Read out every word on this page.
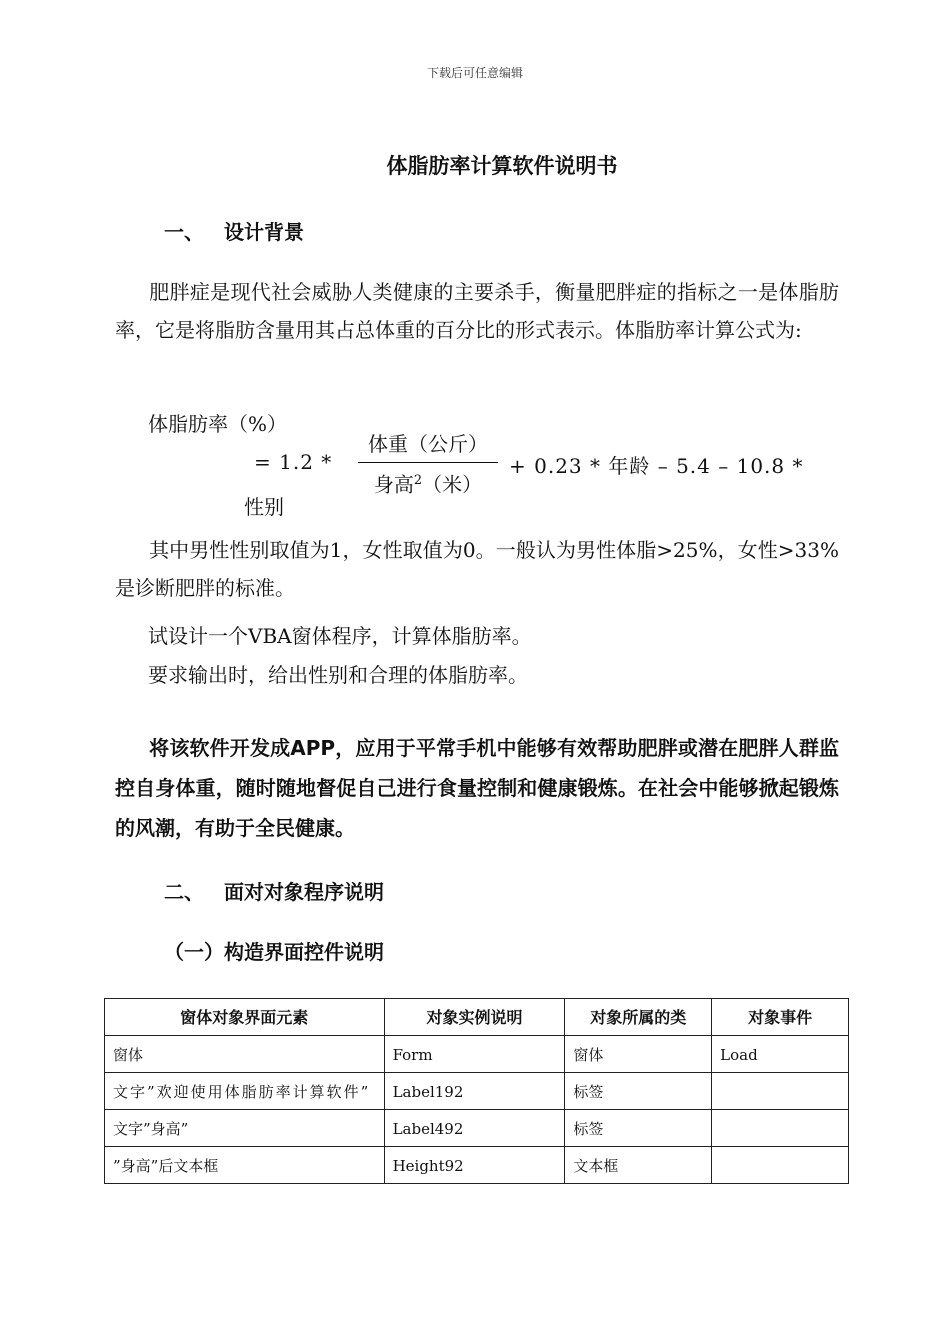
下载后可任意编辑
体脂肪率计算软件说明书
一、 设计背景
肥胖症是现代社会威胁人类健康的主要杀手，衡量肥胖症的指标之一是体脂肪率，它是将脂肪含量用其占总体重的百分比的形式表示。体脂肪率计算公式为:
体脂肪率（%）
= 1.2 *
体重（公斤）
身高$^2$（米）
+ 0.23 * 年龄 – 5.4 – 10.8 *
性别
其中男性性别取值为1，女性取值为0。一般认为男性体脂>25%，女性>33%是诊断肥胖的标准。
试设计一个VBA窗体程序，计算体脂肪率。
要求输出时，给出性别和合理的体脂肪率。
将该软件开发成APP，应用于平常手机中能够有效帮助肥胖或潜在肥胖人群监控自身体重，随时随地督促自己进行食量控制和健康锻炼。在社会中能够掀起锻炼的风潮，有助于全民健康。
二、 面对对象程序说明
（一）构造界面控件说明
窗体对象界面元素	对象实例说明	对象所属的类	对象事件
窗体	Form	窗体	Load
文字”欢迎使用体脂肪率计算软件”	Label192	标签	
文字”身高”	Label492	标签	
”身高”后文本框	Height92	文本框	
